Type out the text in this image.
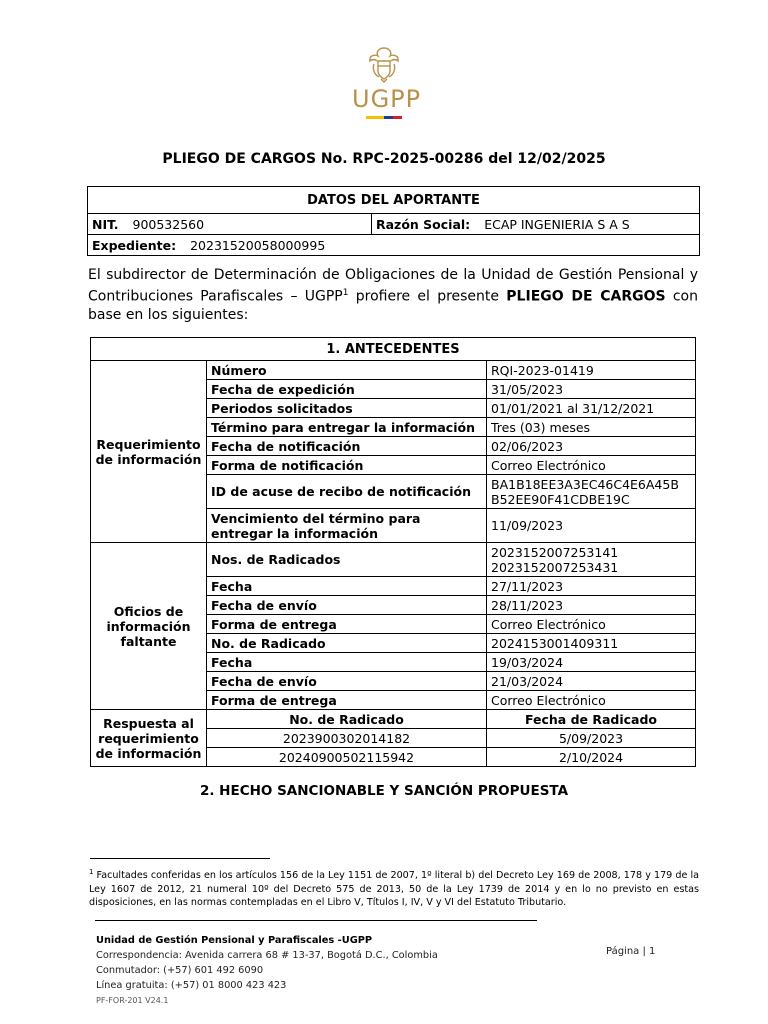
UGPP
PLIEGO DE CARGOS No. RPC-2025-00286 del 12/02/2025
DATOS DEL APORTANTE
NIT. 900532560	Razón Social: ECAP INGENIERIA S A S
Expediente: 20231520058000995

El subdirector de Determinación de Obligaciones de la Unidad de Gestión Pensional y Contribuciones Parafiscales – UGPP$^1$ profiere el presente PLIEGO DE CARGOS con base en los siguientes:

1. ANTECEDENTES		
Requerimiento de información	Número	RQI-2023-01419
	Fecha de expedición	31/05/2023
	Periodos solicitados	01/01/2021 al 31/12/2021
	Término para entregar la información	Tres (03) meses
	Fecha de notificación	02/06/2023
	Forma de notificación	Correo Electrónico
	ID de acuse de recibo de notificación	BA1B18EE3A3EC46C4E6A45B B52EE90F41CDBE19C
	Vencimiento del término para entregar la información	11/09/2023
Oficios de información faltante	Nos. de Radicados	2023152007253141 2023152007253431
	Fecha	27/11/2023
	Fecha de envío	28/11/2023
	Forma de entrega	Correo Electrónico
	No. de Radicado	2024153001409311
	Fecha	19/03/2024
	Fecha de envío	21/03/2024
	Forma de entrega	Correo Electrónico
Respuesta al requerimiento de información	No. de Radicado	Fecha de Radicado
	2023900302014182	5/09/2023
	20240900502115942	2/10/2024
2. HECHO SANCIONABLE Y SANCIÓN PROPUESTA

$^1$ Facultades conferidas en los artículos 156 de la Ley 1151 de 2007, 1º literal b) del Decreto Ley 169 de 2008, 178 y 179 de la Ley 1607 de 2012, 21 numeral 10º del Decreto 575 de 2013, 50 de la Ley 1739 de 2014 y en lo no previsto en estas disposiciones, en las normas contempladas en el Libro V, Títulos I, IV, V y VI del Estatuto Tributario.

Unidad de Gestión Pensional y Parafiscales -UGPP
Correspondencia: Avenida carrera 68 # 13-37, Bogotá D.C., Colombia
Conmutador: (+57) 601 492 6090
Línea gratuita: (+57) 01 8000 423 423
PF-FOR-201 V24.1
Página | 1
